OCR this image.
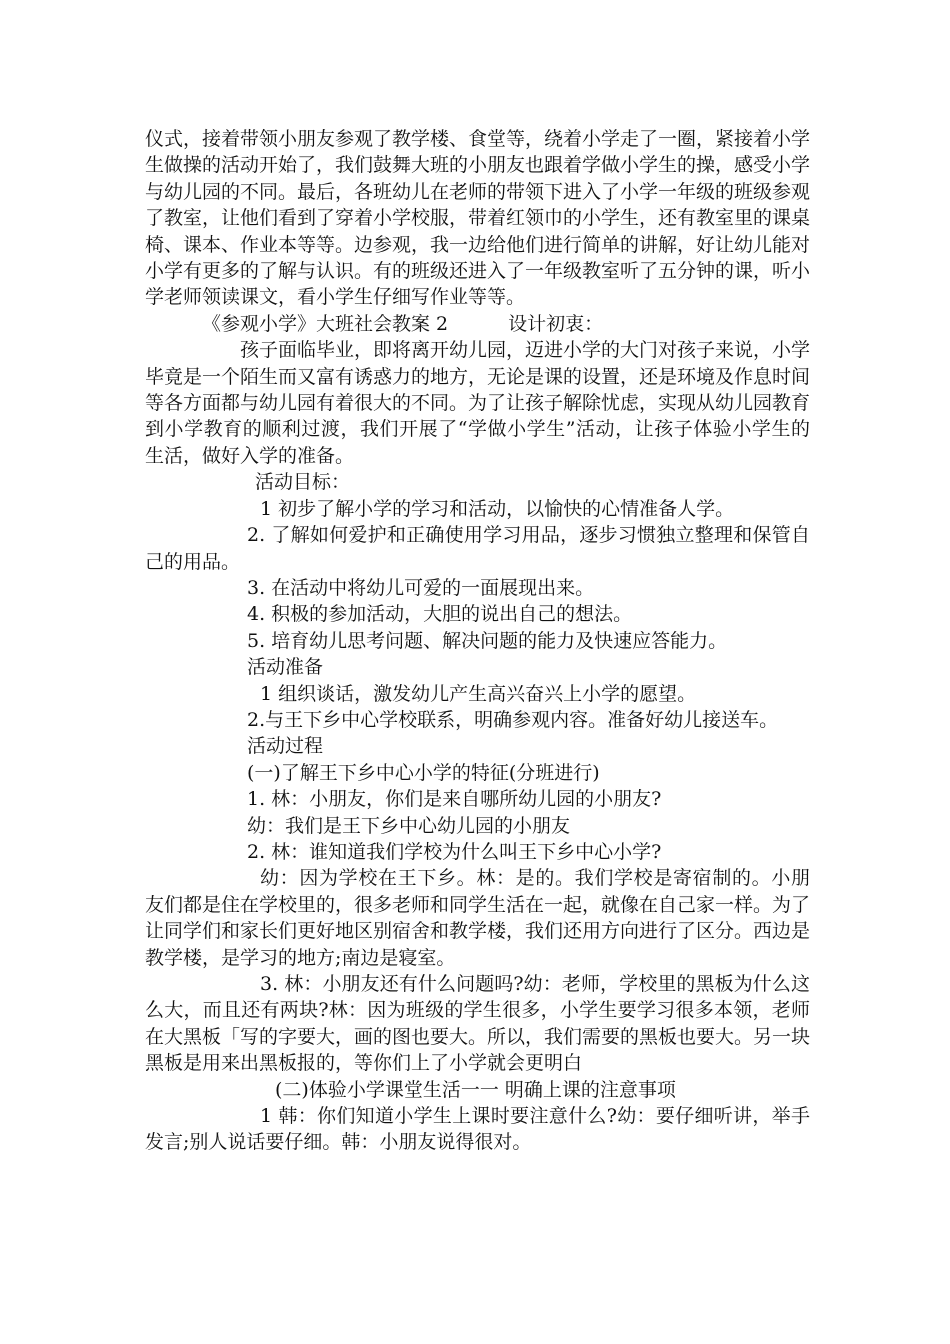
仪式，接着带领小朋友参观了教学楼、食堂等，绕着小学走了一圈，紧接着小学生做操的活动开始了，我们鼓舞大班的小朋友也跟着学做小学生的操，感受小学与幼儿园的不同。最后，各班幼儿在老师的带领下进入了小学一年级的班级参观了教室，让他们看到了穿着小学校服，带着红领巾的小学生，还有教室里的课桌椅、课本、作业本等等。边参观，我一边给他们进行简单的讲解，好让幼儿能对小学有更多的了解与认识。有的班级还进入了一年级教室听了五分钟的课，听小学老师领读课文，看小学生仔细写作业等等。

《参观小学》大班社会教案 2	设计初衷：

孩子面临毕业，即将离开幼儿园，迈进小学的大门对孩子来说，小学毕竟是一个陌生而又富有诱惑力的地方，无论是课的设置，还是环境及作息时间等各方面都与幼儿园有着很大的不同。为了让孩子解除忧虑，实现从幼儿园教育到小学教育的顺利过渡，我们开展了“学做小学生”活动，让孩子体验小学生的生活，做好入学的准备。

活动目标：

1 初步了解小学的学习和活动，以愉快的心情准备人学。

2. 了解如何爱护和正确使用学习用品，逐步习惯独立整理和保管自己的用品。

3. 在活动中将幼儿可爱的一面展现出来。

4. 积极的参加活动，大胆的说出自己的想法。

5. 培育幼儿思考问题、解决问题的能力及快速应答能力。

活动准备

1 组织谈话，激发幼儿产生高兴奋兴上小学的愿望。

2.与王下乡中心学校联系，明确参观内容。准备好幼儿接送车。

活动过程

(一)了解王下乡中心小学的特征(分班进行)

1. 林：小朋友，你们是来自哪所幼儿园的小朋友?

幼：我们是王下乡中心幼儿园的小朋友

2. 林：谁知道我们学校为什么叫王下乡中心小学?

幼：因为学校在王下乡。林：是的。我们学校是寄宿制的。小朋友们都是住在学校里的，很多老师和同学生活在一起，就像在自己家一样。为了让同学们和家长们更好地区别宿舍和教学楼，我们还用方向进行了区分。西边是教学楼，是学习的地方;南边是寝室。

3. 林：小朋友还有什么问题吗?幼：老师，学校里的黑板为什么这么大，而且还有两块?林：因为班级的学生很多，小学生要学习很多本领，老师在大黑板「写的字要大，画的图也要大。所以，我们需要的黑板也要大。另一块黑板是用来出黑板报的，等你们上了小学就会更明白

(二)体验小学课堂生活一一 明确上课的注意事项

1 韩：你们知道小学生上课时要注意什么?幼：要仔细听讲，举手发言;别人说话要仔细。韩：小朋友说得很对。
